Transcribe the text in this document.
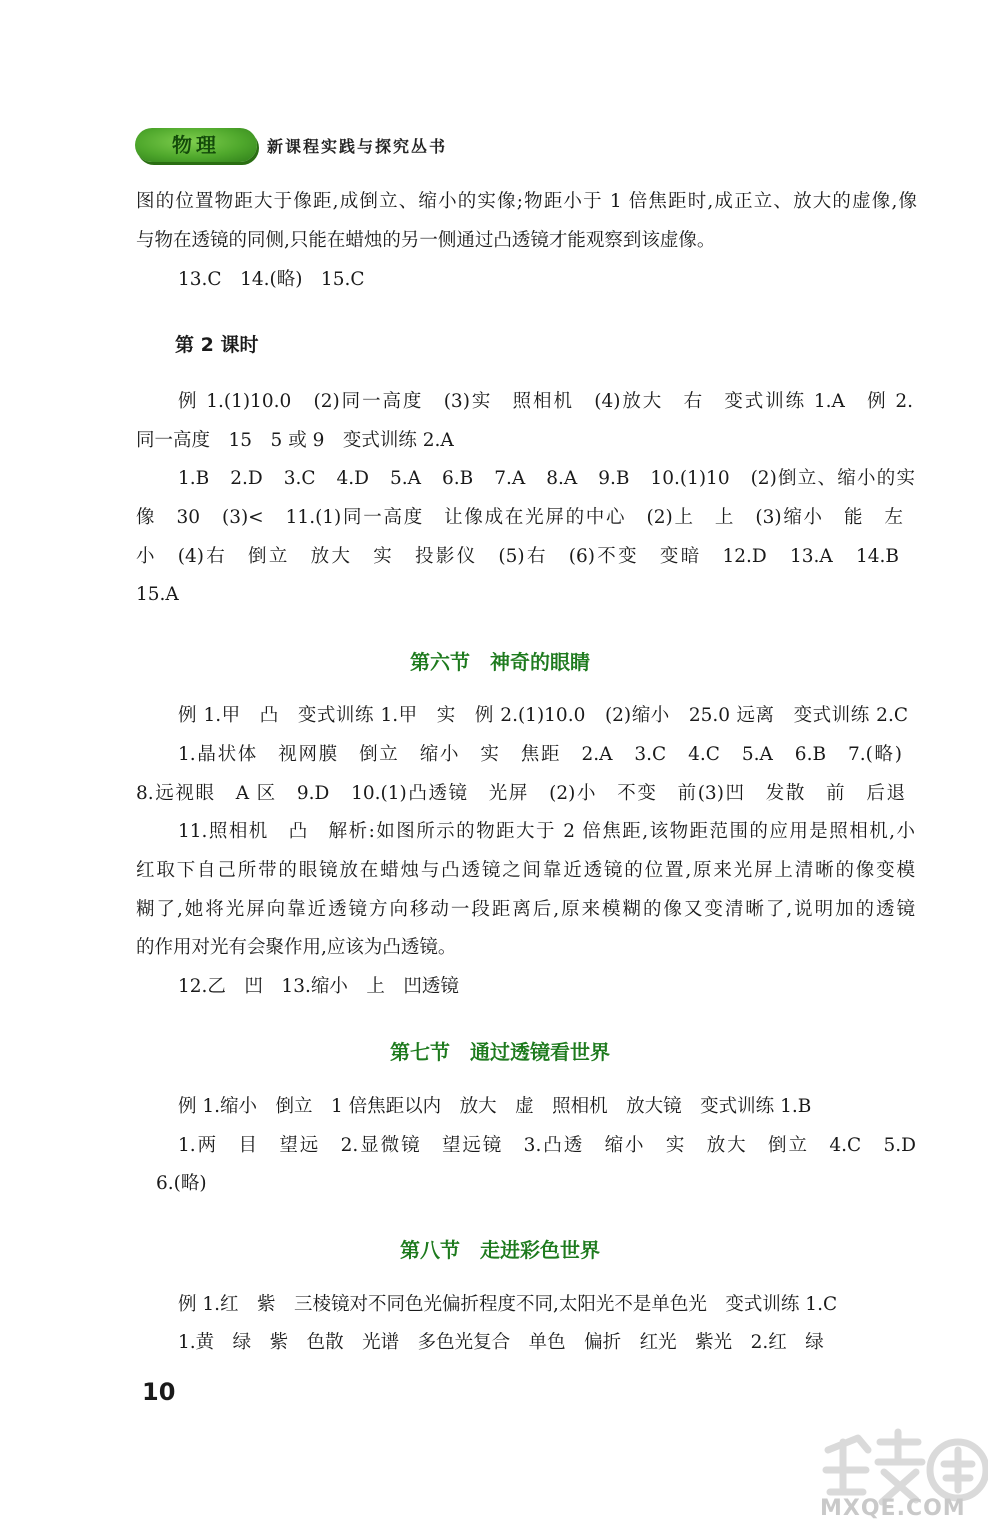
物理	新课程实践与探究丛书
图的位置物距大于像距,成倒立、缩小的实像;物距小于 1 倍焦距时,成正立、放大的虚像,像
与物在透镜的同侧,只能在蜡烛的另一侧通过凸透镜才能观察到该虚像。
13.C　14.(略)　15.C
第 2 课时
例 1.(1)10.0　(2)同一高度　(3)实　照相机　(4)放大　右　变式训练 1.A　例 2.
同一高度　15　5 或 9　变式训练 2.A
1.B　2.D　3.C　4.D　5.A　6.B　7.A　8.A　9.B　10.(1)10　(2)倒立、缩小的实
像　30　(3)<　11.(1)同一高度　让像成在光屏的中心　(2)上　上　(3)缩小　能　左
小　(4)右　倒立　放大　实　投影仪　(5)右　(6)不变　变暗　12.D　13.A　14.B
15.A
第六节　神奇的眼睛
例 1.甲　凸　变式训练 1.甲　实　例 2.(1)10.0　(2)缩小　25.0 远离　变式训练 2.C
1.晶状体　视网膜　倒立　缩小　实　焦距　2.A　3.C　4.C　5.A　6.B　7.(略)
8.远视眼　A 区　9.D　10.(1)凸透镜　光屏　(2)小　不变　前(3)凹　发散　前　后退
11.照相机　凸　解析:如图所示的物距大于 2 倍焦距,该物距范围的应用是照相机,小
红取下自己所带的眼镜放在蜡烛与凸透镜之间靠近透镜的位置,原来光屏上清晰的像变模
糊了,她将光屏向靠近透镜方向移动一段距离后,原来模糊的像又变清晰了,说明加的透镜
的作用对光有会聚作用,应该为凸透镜。
12.乙　凹　13.缩小　上　凹透镜
第七节　通过透镜看世界
例 1.缩小　倒立　1 倍焦距以内　放大　虚　照相机　放大镜　变式训练 1.B
1.两　目　望远　2.显微镜　望远镜　3.凸透　缩小　实　放大　倒立　4.C　5.D
6.(略)
第八节　走进彩色世界
例 1.红　紫　三棱镜对不同色光偏折程度不同,太阳光不是单色光　变式训练 1.C
1.黄　绿　紫　色散　光谱　多色光复合　单色　偏折　红光　紫光　2.红　绿
10
MXQE.COM
